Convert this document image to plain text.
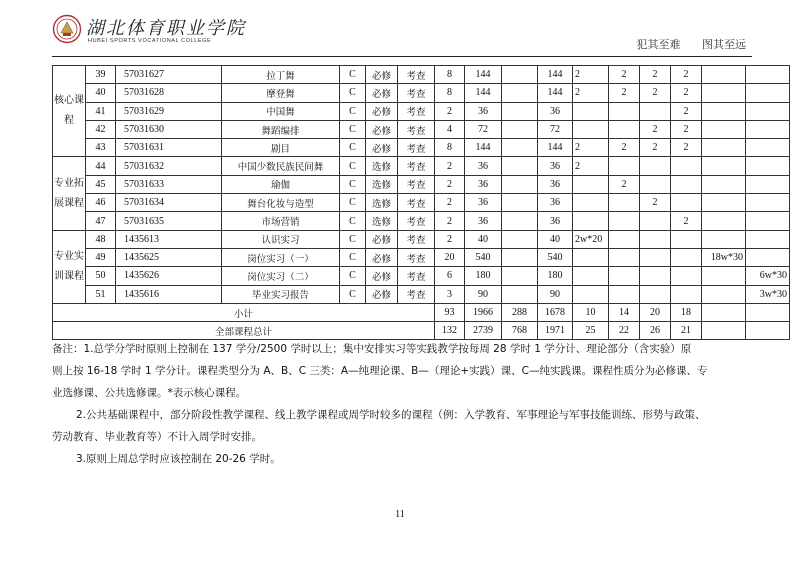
湖北体育职业学院
HUBEI SPORTS VOCATIONAL COLLEGE	犯其至难 图其至远
核心课程	39	57031627	拉丁舞	C	必修	考查	8	144		144	2	2	2	2		
	40	57031628	摩登舞	C	必修	考查	8	144		144	2	2	2	2		
	41	57031629	中国舞	C	必修	考查	2	36		36				2		
	42	57031630	舞蹈编排	C	必修	考查	4	72		72			2	2		
	43	57031631	剧目	C	必修	考查	8	144		144	2	2	2	2		
专业拓展课程	44	57031632	中国少数民族民间舞	C	选修	考查	2	36		36	2					
	45	57031633	瑜伽	C	选修	考查	2	36		36		2				
	46	57031634	舞台化妆与造型	C	选修	考查	2	36		36			2			
	47	57031635	市场营销	C	选修	考查	2	36		36				2		
专业实训课程	48	1435613	认识实习	C	必修	考查	2	40		40	2w*20					
	49	1435625	岗位实习（一）	C	必修	考查	20	540		540					18w*30	
	50	1435626	岗位实习（二）	C	必修	考查	6	180		180						6w*30
	51	1435616	毕业实习报告	C	必修	考查	3	90		90						3w*30
小计							93	1966	288	1678	10	14	20	18		
全部课程总计							132	2739	768	1971	25	22	26	21		

备注：1.总学分学时原则上控制在 137 学分/2500 学时以上；集中安排实习等实践教学按每周 28 学时 1 学分计、理论部分（含实验）原

则上按 16-18 学时 1 学分计。课程类型分为 A、B、C 三类：A—纯理论课、B—（理论+实践）课、C—纯实践课。课程性质分为必修课、专

业选修课、公共选修课。*表示核心课程。

2.公共基础课程中，部分阶段性教学课程、线上教学课程或周学时较多的课程（例：入学教育、军事理论与军事技能训练、形势与政策、

劳动教育、毕业教育等）不计入周学时安排。

3.原则上周总学时应该控制在 20-26 学时。

11
